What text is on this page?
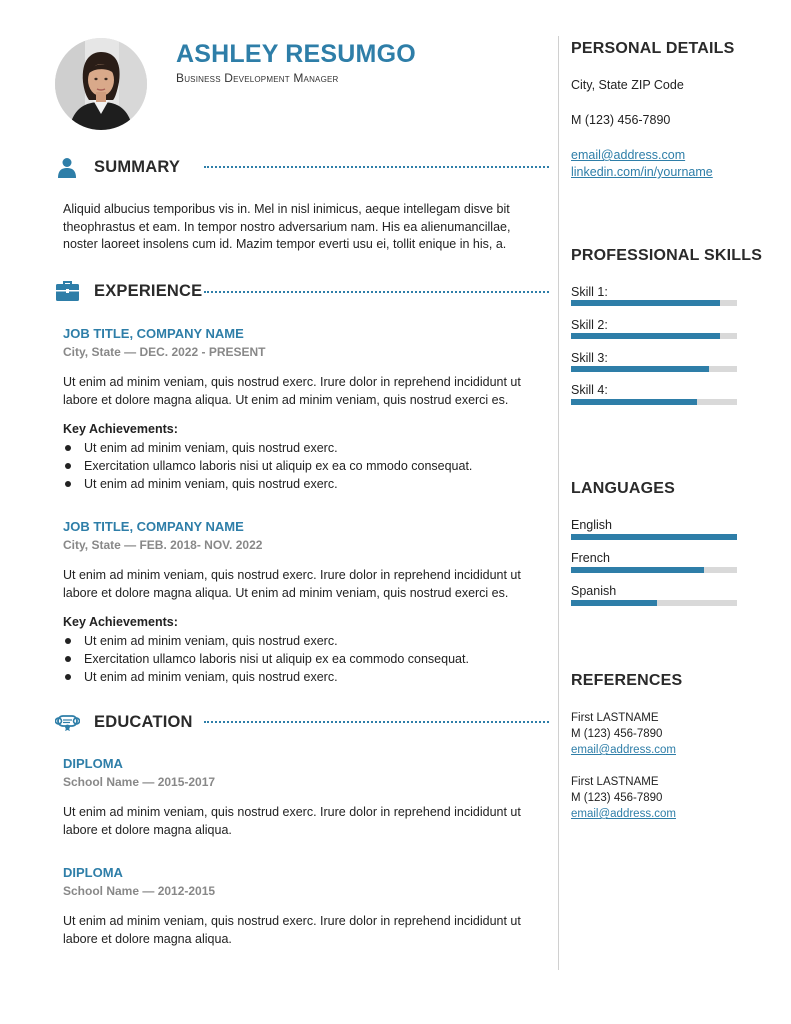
ASHLEY RESUMGO
Business Development Manager
SUMMARY
Aliquid albucius temporibus vis in. Mel in nisl inimicus, aeque intellegam disve bit theophrastus et eam. In tempor nostro adversarium nam. His ea alienumancillae, noster laoreet insolens cum id. Mazim tempor everti usu ei, tollit enique in his, a.
EXPERIENCE
JOB TITLE, COMPANY NAME
City, State — DEC. 2022 - PRESENT
Ut enim ad minim veniam, quis nostrud exerc. Irure dolor in reprehend incididunt ut labore et dolore magna aliqua. Ut enim ad minim veniam, quis nostrud exerci es.
Key Achievements:
Ut enim ad minim veniam, quis nostrud exerc.
Exercitation ullamco laboris nisi ut aliquip ex ea co mmodo consequat.
Ut enim ad minim veniam, quis nostrud exerc.
JOB TITLE, COMPANY NAME
City, State — FEB. 2018- NOV. 2022
Ut enim ad minim veniam, quis nostrud exerc. Irure dolor in reprehend incididunt ut labore et dolore magna aliqua. Ut enim ad minim veniam, quis nostrud exerci es.
Key Achievements:
Ut enim ad minim veniam, quis nostrud exerc.
Exercitation ullamco laboris nisi ut aliquip ex ea commodo consequat.
Ut enim ad minim veniam, quis nostrud exerc.
EDUCATION
DIPLOMA
School Name — 2015-2017
Ut enim ad minim veniam, quis nostrud exerc. Irure dolor in reprehend incididunt ut labore et dolore magna aliqua.
DIPLOMA
School Name — 2012-2015
Ut enim ad minim veniam, quis nostrud exerc. Irure dolor in reprehend incididunt ut labore et dolore magna aliqua.
PERSONAL DETAILS
City, State ZIP Code
M (123) 456-7890
email@address.com
linkedin.com/in/yourname
PROFESSIONAL SKILLS
Skill 1:
Skill 2:
Skill 3:
Skill 4:
LANGUAGES
English
French
Spanish
REFERENCES
First LASTNAME
M (123) 456-7890
email@address.com
First LASTNAME
M (123) 456-7890
email@address.com
